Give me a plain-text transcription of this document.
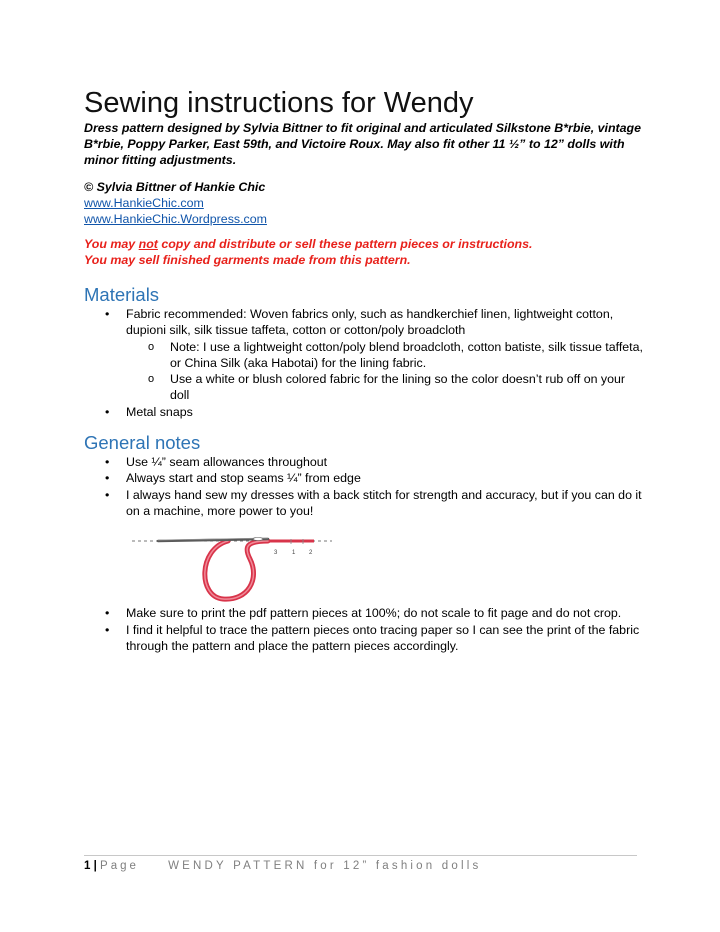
Sewing instructions for Wendy

Dress pattern designed by Sylvia Bittner to fit original and articulated Silkstone B*rbie, vintage B*rbie, Poppy Parker, East 59th, and Victoire Roux. May also fit other 11 ½” to 12” dolls with minor fitting adjustments.

© Sylvia Bittner of Hankie Chic
www.HankieChic.com
www.HankieChic.Wordpress.com
You may not copy and distribute or sell these pattern pieces or instructions.
You may sell finished garments made from this pattern.
Materials
• Fabric recommended: Woven fabrics only, such as handkerchief linen, lightweight cotton, dupioni silk, silk tissue taffeta, cotton or cotton/poly broadcloth
o Note: I use a lightweight cotton/poly blend broadcloth, cotton batiste, silk tissue taffeta, or China Silk (aka Habotai) for the lining fabric.
o Use a white or blush colored fabric for the lining so the color doesn’t rub off on your doll
• Metal snaps
General notes
• Use ¼” seam allowances throughout
• Always start and stop seams ¼” from edge
• I always hand sew my dresses with a back stitch for strength and accuracy, but if you can do it on a machine, more power to you!
3 1 2
• Make sure to print the pdf pattern pieces at 100%; do not scale to fit page and do not crop.
• I find it helpful to trace the pattern pieces onto tracing paper so I can see the print of the fabric through the pattern and place the pattern pieces accordingly.
1 | Page	WENDY PATTERN for 12” fashion dolls
